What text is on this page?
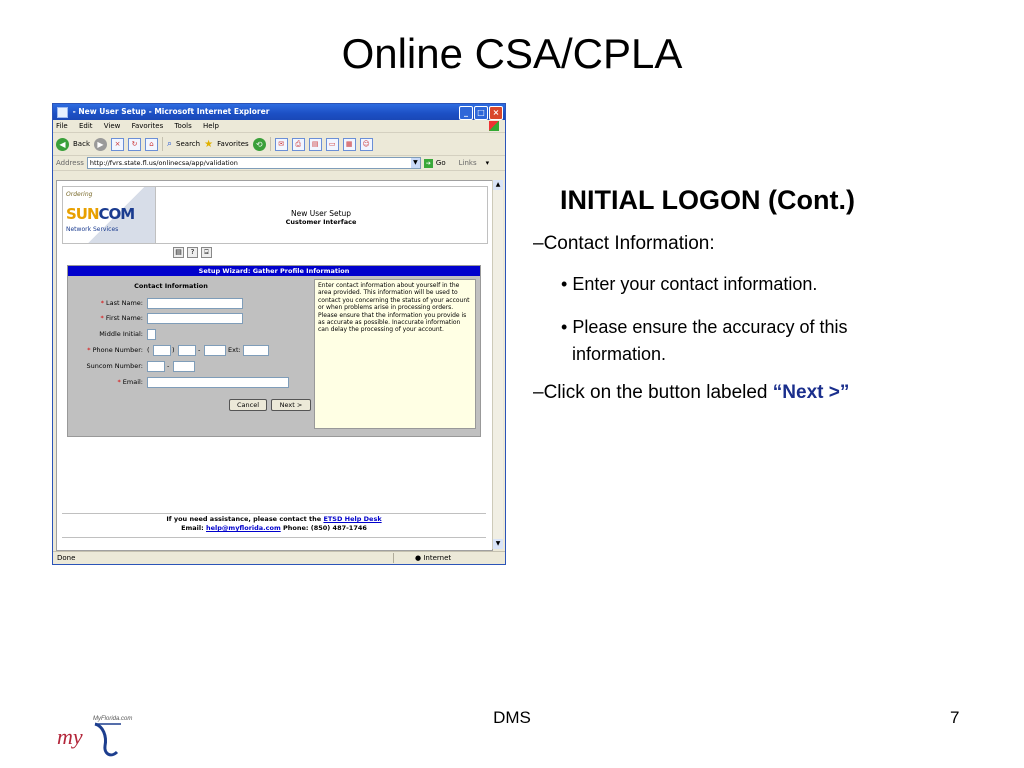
Online CSA/CPLA
- New User Setup - Microsoft Internet Explorer	_	□ ×
File Edit View Favorites Tools Help
◀	Back ▶	×	↻	⌂	⌕ Search ★ Favorites ⟲	✉	⎙	▤	▭	▦	☺
Address http://fvrs.state.fl.us/onlinecsa/app/validation	▼	➔ Go Links ▾
Ordering
SUNCOM
Network Services
New User Setup
Customer Interface
▤	?	⍈
Setup Wizard: Gather Profile Information
Contact Information
* Last Name:
* First Name:
Middle Initial:
* Phone Number: (	)	-	Ext:
Suncom Number:	-
* Email:
Cancel	Next >
Enter contact information about yourself in the area provided. This information will be used to contact you concerning the status of your account or when problems arise in processing orders. Please ensure that the information you provide is as accurate as possible. Inaccurate information can delay the processing of your account.
If you need assistance, please contact the ETSD Help Desk
Email: help@myflorida.com Phone: (850) 487-1746
▲
▼
Done	● Internet
INITIAL LOGON (Cont.)
–Contact Information:
• Enter your contact information.
• Please ensure the accuracy of this
information.
–Click on the button labeled “Next >”
MyFlorida.com
my
DMS	7
